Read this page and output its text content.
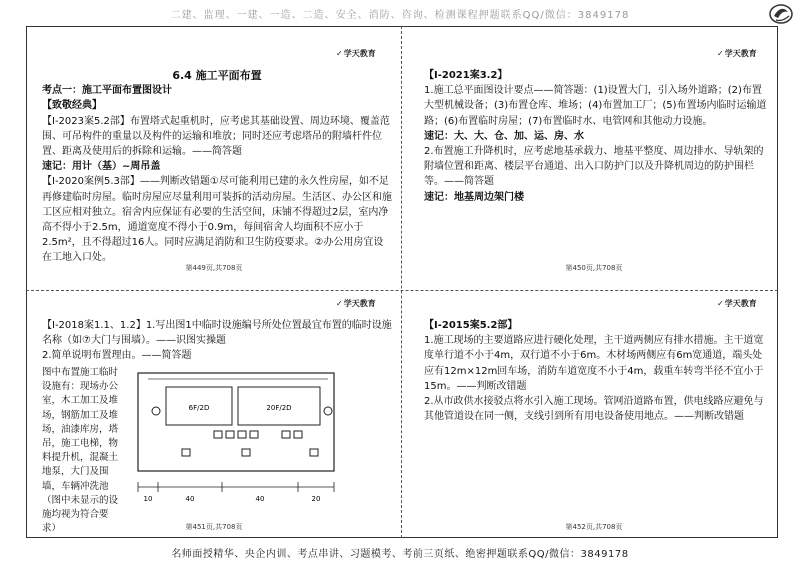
二建、监理、一建、一造、二造、安全、消防、咨询、检测课程押题联系QQ/微信：3849178
✓学天教育

6.4 施工平面布置

考点一：施工平面布置图设计

【致敬经典】

【Ⅰ-2023案5.2部】布置塔式起重机时，应考虑其基础设置、周边环境、覆盖范围、可吊构件的重量以及构件的运输和堆放；同时还应考虑塔吊的附墙杆件位置、距离及使用后的拆除和运输。——简答题

速记：用计（基）~周吊盖

【Ⅰ-2020案例5.3部】——判断改错题①尽可能利用已建的永久性房屋，如不足再修建临时房屋。临时房屋应尽量利用可装拆的活动房屋。生活区、办公区和施工区应相对独立。宿舍内应保证有必要的生活空间，床铺不得超过2层，室内净高不得小于2.5m，通道宽度不得小于0.9m，每间宿舍人均面积不应小于2.5m²，且不得超过16人。同时应满足消防和卫生防疫要求。②办公用房宜设在工地入口处。

第449页,共708页
✓学天教育

【Ⅰ-2021案3.2】

1.施工总平面图设计要点——简答题：(1)设置大门，引入场外道路；(2)布置大型机械设备；(3)布置仓库、堆场；(4)布置加工厂；(5)布置场内临时运输道路；(6)布置临时房屋；(7)布置临时水、电管网和其他动力设施。

速记：大、大、仓、加、运、房、水

2.布置施工升降机时，应考虑地基承载力、地基平整度、周边排水、导轨架的附墙位置和距离、楼层平台通道、出入口防护门以及升降机周边的防护围栏等。——简答题

速记：地基周边架门楼

第450页,共708页
✓学天教育

【Ⅰ-2018案1.1、1.2】1.写出图1中临时设施编号所处位置最宜布置的临时设施名称（如⑦大门与围墙）。——识图实操题

2.简单说明布置理由。——简答题

图中布置施工临时设施有：现场办公室，木工加工及堆场，钢筋加工及堆场，油漆库房，塔吊，施工电梯，物料提升机，混凝土地泵，大门及围墙，车辆冲洗池（图中未显示的设施均视为符合要求）

6F/2D	20F/2D
10	40	40	20
第451页,共708页
✓学天教育

【Ⅰ-2015案5.2部】

1.施工现场的主要道路应进行硬化处理，主干道两侧应有排水措施。主干道宽度单行道不小于4m，双行道不小于6m。木材场两侧应有6m宽通道，端头处应有12m×12m回车场，消防车道宽度不小于4m，载重车转弯半径不宜小于15m。——判断改错题

2.从市政供水接驳点将水引入施工现场。管网沿道路布置，供电线路应避免与其他管道设在同一侧，支线引到所有用电设备使用地点。——判断改错题

第452页,共708页
名师面授精华、央企内训、考点串讲、习题模考、考前三页纸、绝密押题联系QQ/微信：3849178
